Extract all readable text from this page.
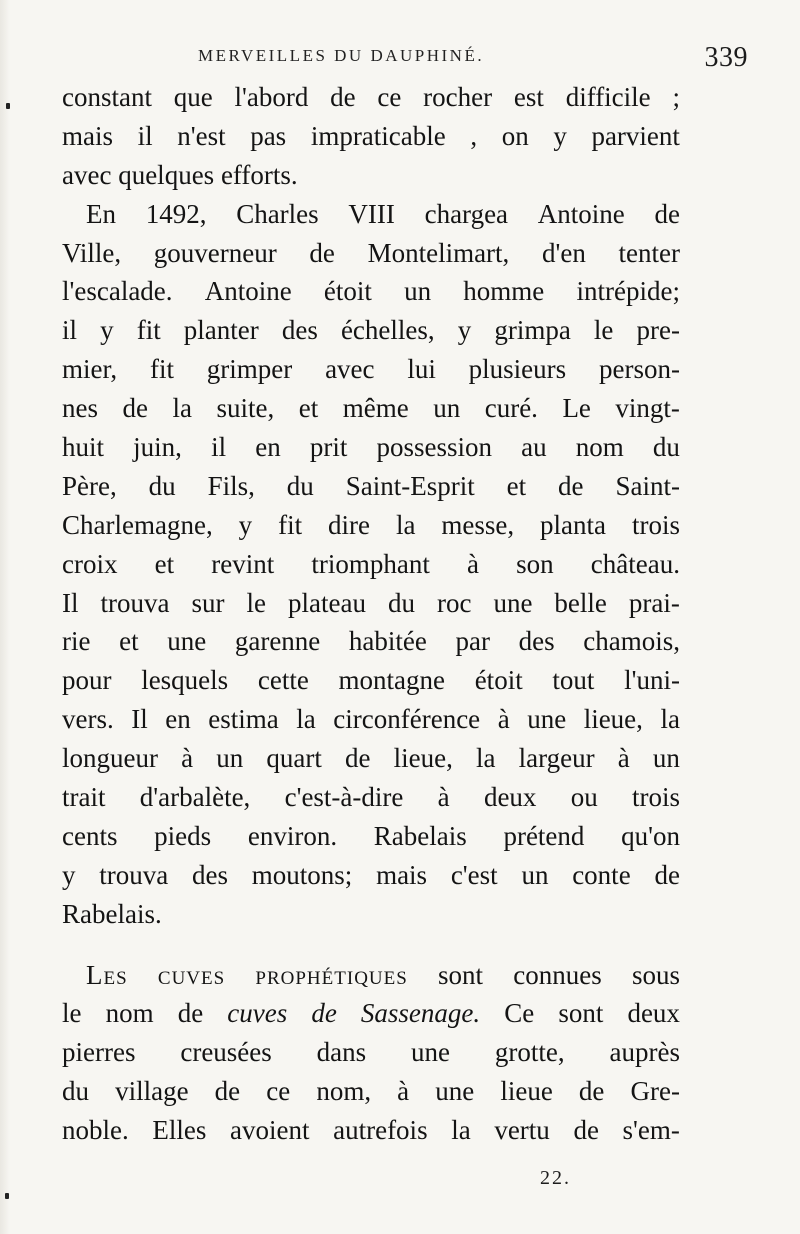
MERVEILLES DU DAUPHINÉ.	339
constant que l'abord de ce rocher est difficile ;
mais il n'est pas impraticable , on y parvient
avec
quelques
efforts.
En 1492, Charles VIII chargea Antoine de
Ville, gouverneur de Montelimart, d'en tenter
l'escalade. Antoine étoit un homme intrépide;
il y fit planter des échelles, y grimpa le pre-
mier, fit grimper avec lui plusieurs person-
nes de la suite, et même un curé. Le vingt-
huit juin, il en prit possession au nom du
Père, du Fils, du Saint-Esprit et de Saint-
Charlemagne, y fit dire la messe, planta trois
croix et revint triomphant à son château.
Il trouva sur le plateau du roc une belle prai-
rie et une garenne habitée par des chamois,
pour lesquels cette montagne étoit tout l'uni-
vers. Il en estima la circonférence à une lieue, la
longueur à un quart de lieue, la largeur à un
trait d'arbalète, c'est-à-dire à deux ou trois
cents pieds environ. Rabelais prétend qu'on
y trouva des moutons; mais c'est un conte de
Rabelais.
Les cuves prophétiques sont connues sous
le nom de cuves de Sassenage. Ce sont deux
pierres creusées dans une grotte, auprès
du village de ce nom, à une lieue de Gre-
noble. Elles avoient autrefois la vertu de s'em-
22.
